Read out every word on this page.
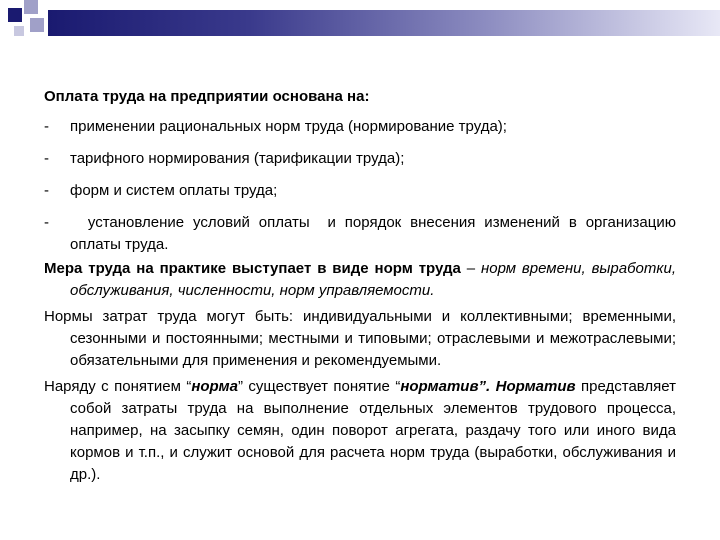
Оплата труда на предприятии основана на:
- применении рациональных норм труда (нормирование труда);
- тарифного нормирования (тарификации труда);
- форм и систем оплаты труда;
- установление условий оплаты  и порядок внесения изменений в организацию оплаты труда.
Мера труда на практике выступает в виде норм труда – норм времени, выработки, обслуживания, численности, норм управляемости.
Нормы затрат труда могут быть: индивидуальными и коллективными; временными, сезонными и постоянными; местными и типовыми; отраслевыми и межотраслевыми; обязательными для применения и рекомендуемыми.
Наряду с понятием “норма” существует понятие “норматив”. Норматив представляет собой затраты труда на выполнение отдельных элементов трудового процесса, например, на засыпку семян, один поворот агрегата, раздачу того или иного вида кормов и т.п., и служит основой для расчета норм труда (выработки, обслуживания и др.).
